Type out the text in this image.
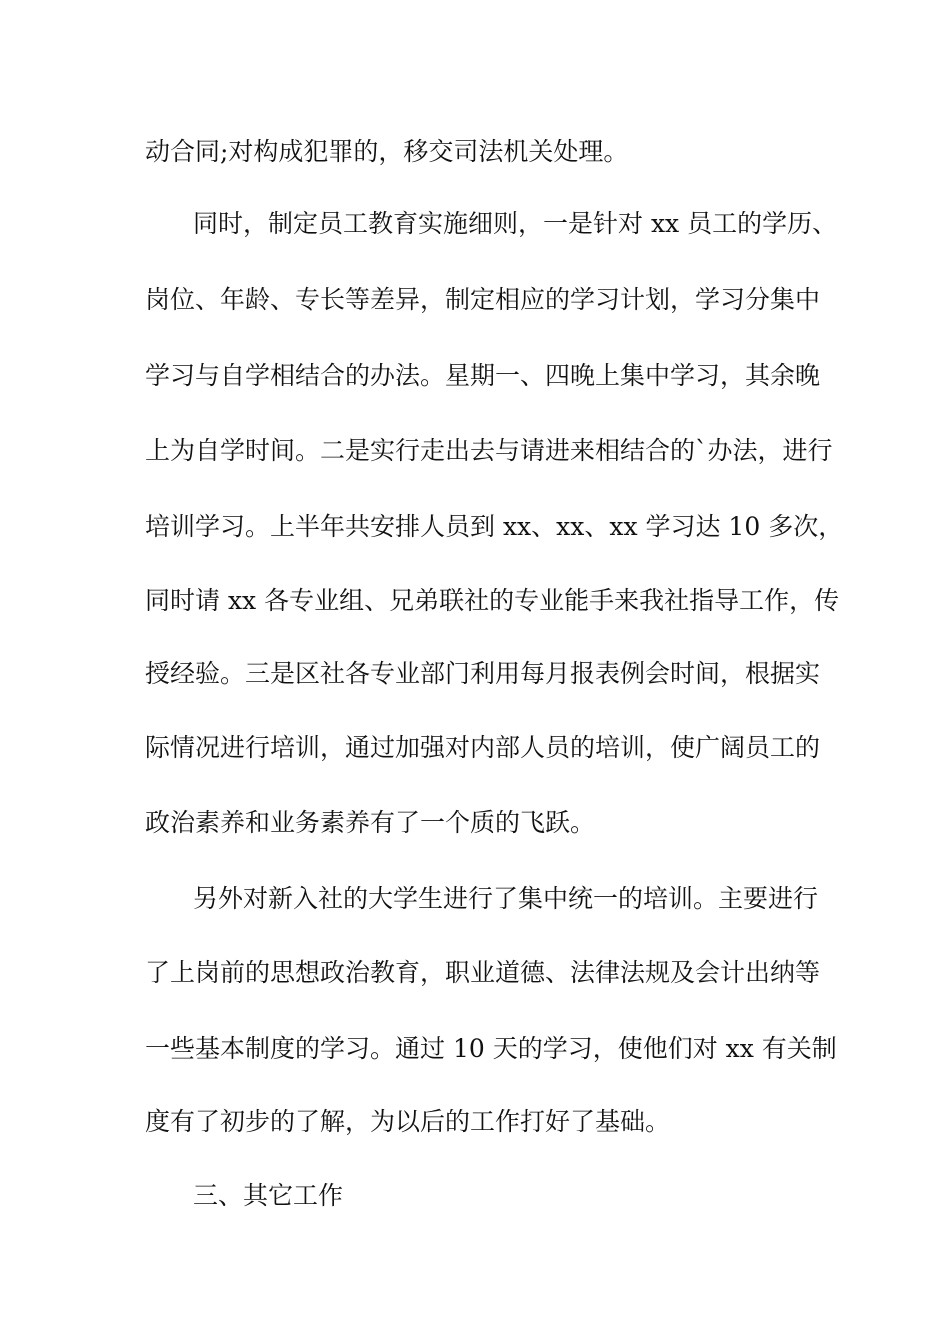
动合同;对构成犯罪的，移交司法机关处理。
同时，制定员工教育实施细则，一是针对 xx 员工的学历、
岗位、年龄、专长等差异，制定相应的学习计划，学习分集中
学习与自学相结合的办法。星期一、四晚上集中学习，其余晚
上为自学时间。二是实行走出去与请进来相结合的`办法，进行
培训学习。上半年共安排人员到 xx、xx、xx 学习达 10 多次，
同时请 xx 各专业组、兄弟联社的专业能手来我社指导工作，传
授经验。三是区社各专业部门利用每月报表例会时间，根据实
际情况进行培训，通过加强对内部人员的培训，使广阔员工的
政治素养和业务素养有了一个质的飞跃。
另外对新入社的大学生进行了集中统一的培训。主要进行
了上岗前的思想政治教育，职业道德、法律法规及会计出纳等
一些基本制度的学习。通过 10 天的学习，使他们对 xx 有关制
度有了初步的了解，为以后的工作打好了基础。
三、其它工作
